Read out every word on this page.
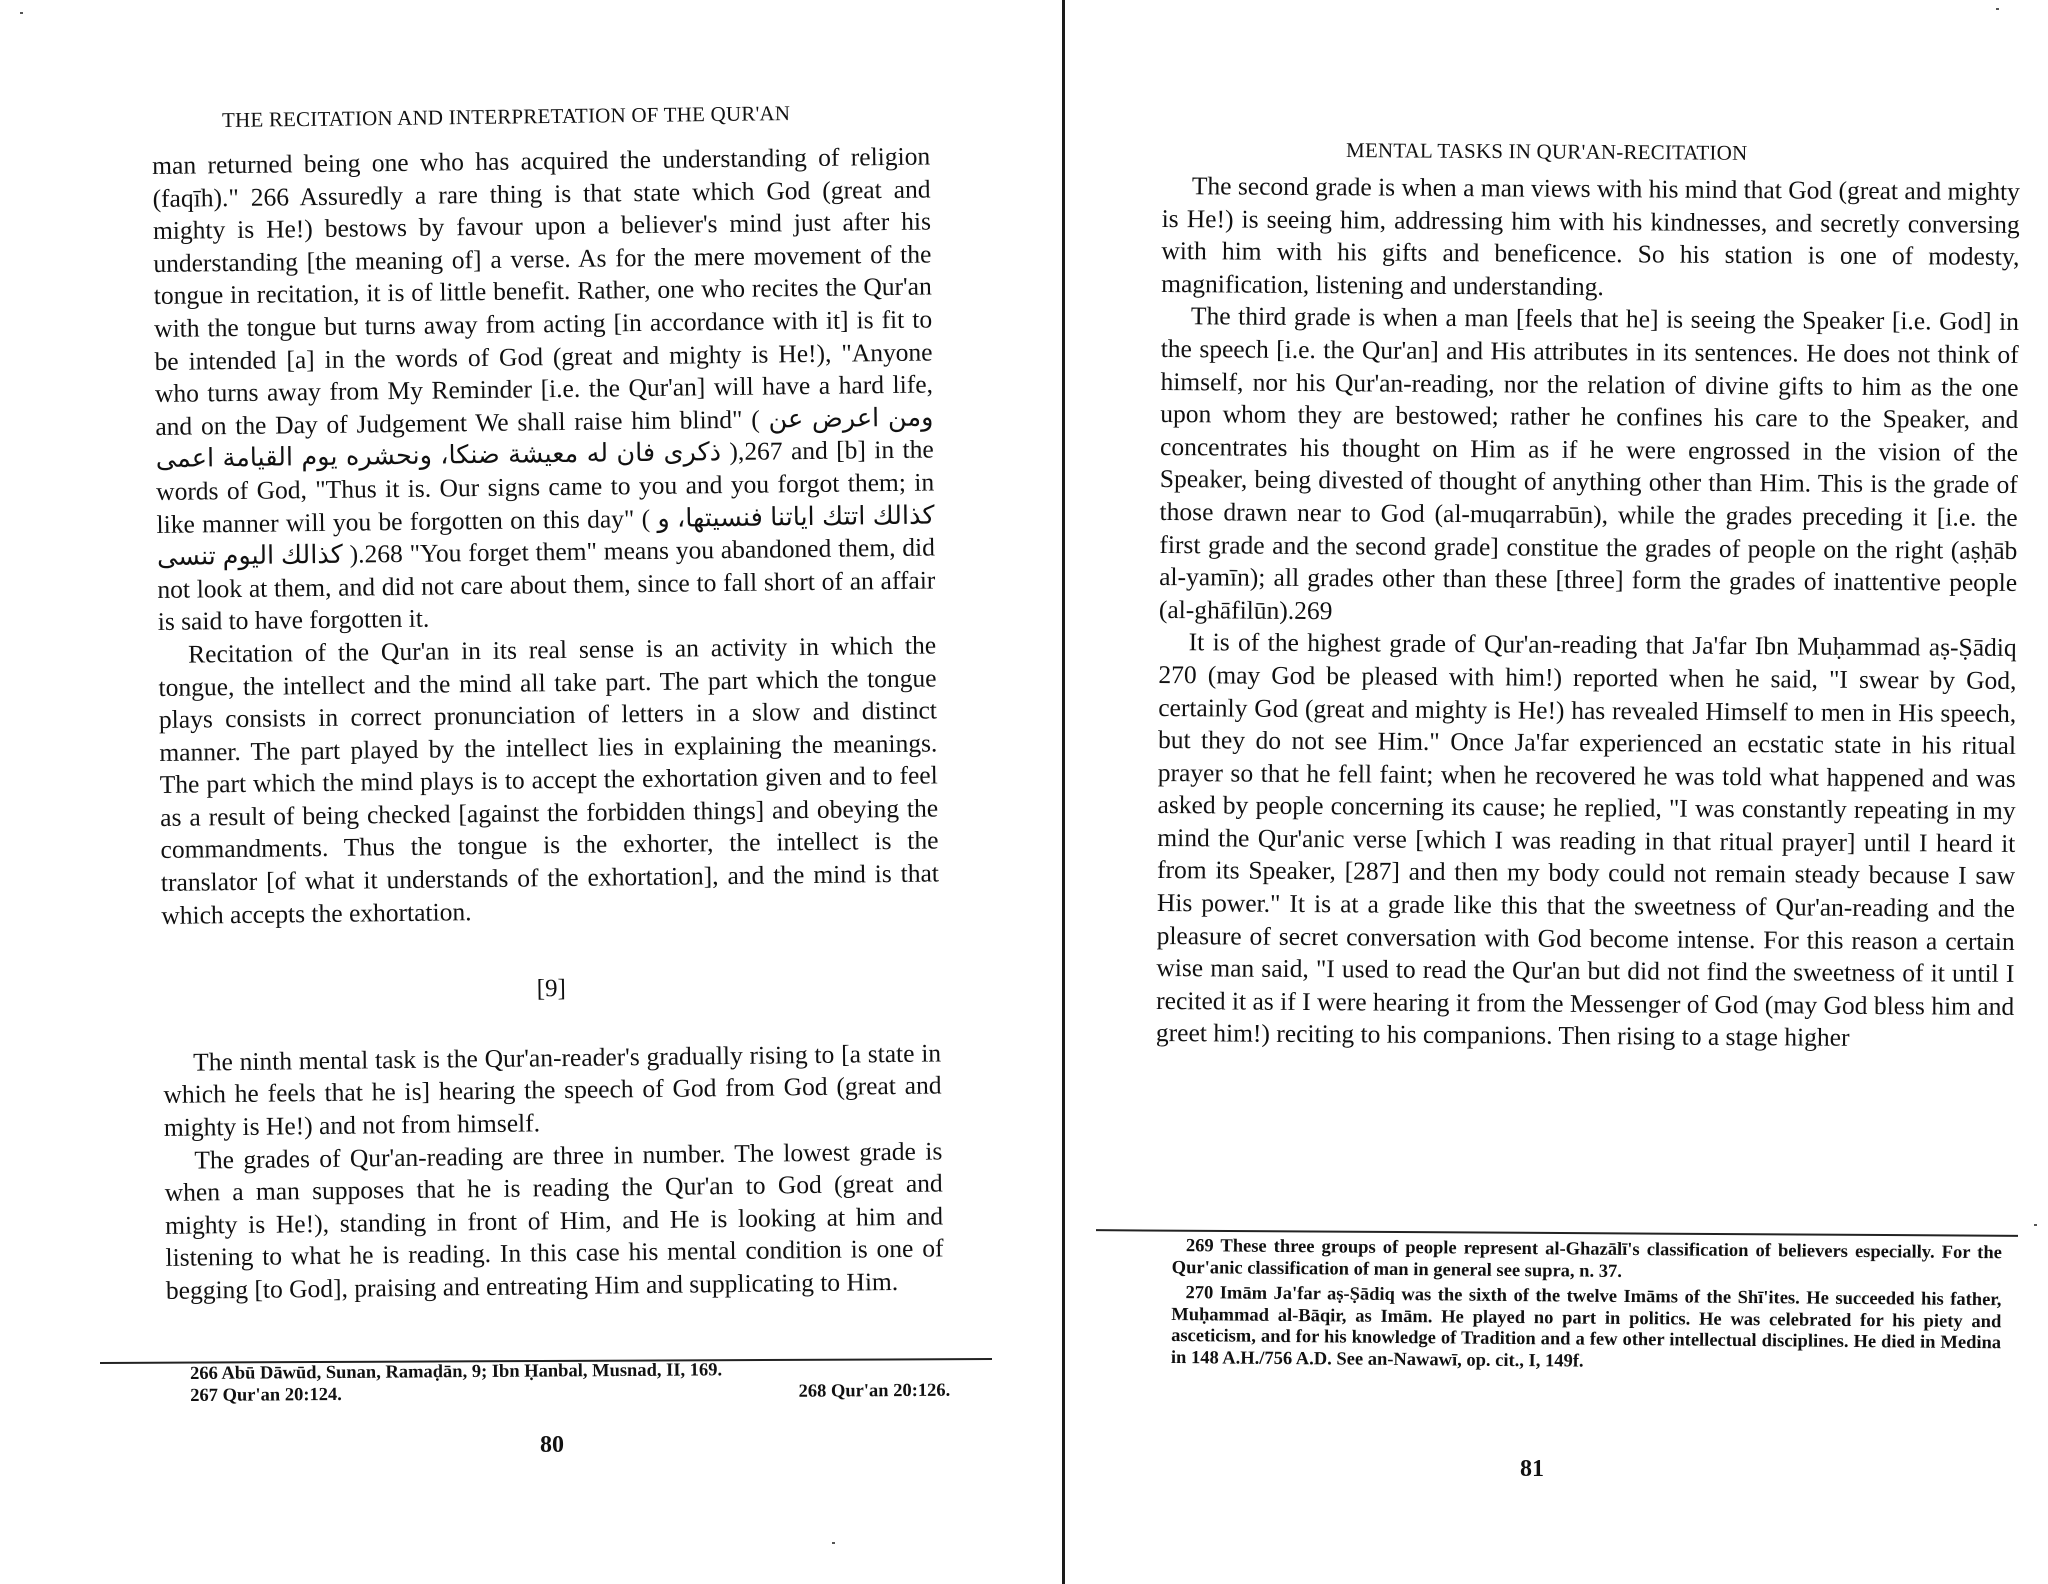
THE RECITATION AND INTERPRETATION OF THE QUR'AN

man returned being one who has acquired the understanding of religion (faqīh)." 266 Assuredly a rare thing is that state which God (great and mighty is He!) bestows by favour upon a believer's mind just after his understanding [the meaning of] a verse. As for the mere movement of the tongue in recitation, it is of little benefit. Rather, one who recites the Qur'an with the tongue but turns away from acting [in accordance with it] is fit to be intended [a] in the words of God (great and mighty is He!), "Anyone who turns away from My Reminder [i.e. the Qur'an] will have a hard life, and on the Day of Judgement We shall raise him blind" ( ومن اعرض عن ذكرى فان له معيشة ضنكا، ونحشره يوم القيامة اعمى ),267 and [b] in the words of God, "Thus it is. Our signs came to you and you forgot them; in like manner will you be forgotten on this day" ( كذالك اتتك اياتنا فنسيتها، و كذالك اليوم تنسى ).268 "You forget them" means you abandoned them, did not look at them, and did not care about them, since to fall short of an affair is said to have forgotten it.

Recitation of the Qur'an in its real sense is an activity in which the tongue, the intellect and the mind all take part. The part which the tongue plays consists in correct pronunciation of letters in a slow and distinct manner. The part played by the intellect lies in explaining the meanings. The part which the mind plays is to accept the exhortation given and to feel as a result of being checked [against the forbidden things] and obeying the commandments. Thus the tongue is the exhorter, the intellect is the translator [of what it understands of the exhortation], and the mind is that which accepts the exhortation.

[9]

The ninth mental task is the Qur'an-reader's gradually rising to [a state in which he feels that he is] hearing the speech of God from God (great and mighty is He!) and not from himself.

The grades of Qur'an-reading are three in number. The lowest grade is when a man supposes that he is reading the Qur'an to God (great and mighty is He!), standing in front of Him, and He is looking at him and listening to what he is reading. In this case his mental condition is one of begging [to God], praising and entreating Him and supplicating to Him.

266 Abū Dāwūd, Sunan, Ramaḍān, 9; Ibn Ḥanbal, Musnad, II, 169.
267 Qur'an 20:124.	268 Qur'an 20:126.
80
MENTAL TASKS IN QUR'AN-RECITATION

The second grade is when a man views with his mind that God (great and mighty is He!) is seeing him, addressing him with his kindnesses, and secretly conversing with him with his gifts and beneficence. So his station is one of modesty, magnification, listening and understanding.

The third grade is when a man [feels that he] is seeing the Speaker [i.e. God] in the speech [i.e. the Qur'an] and His attributes in its sentences. He does not think of himself, nor his Qur'an-reading, nor the relation of divine gifts to him as the one upon whom they are bestowed; rather he confines his care to the Speaker, and concentrates his thought on Him as if he were engrossed in the vision of the Speaker, being divested of thought of anything other than Him. This is the grade of those drawn near to God (al-muqarrabūn), while the grades preceding it [i.e. the first grade and the second grade] constitue the grades of people on the right (aṣḥāb al-yamīn); all grades other than these [three] form the grades of inattentive people (al-ghāfilūn).269

It is of the highest grade of Qur'an-reading that Ja'far Ibn Muḥammad aṣ-Ṣādiq 270 (may God be pleased with him!) reported when he said, "I swear by God, certainly God (great and mighty is He!) has revealed Himself to men in His speech, but they do not see Him." Once Ja'far experienced an ecstatic state in his ritual prayer so that he fell faint; when he recovered he was told what happened and was asked by people concerning its cause; he replied, "I was constantly repeating in my mind the Qur'anic verse [which I was reading in that ritual prayer] until I heard it from its Speaker, [287] and then my body could not remain steady because I saw His power." It is at a grade like this that the sweetness of Qur'an-reading and the pleasure of secret conversation with God become intense. For this reason a certain wise man said, "I used to read the Qur'an but did not find the sweetness of it until I recited it as if I were hearing it from the Messenger of God (may God bless him and greet him!) reciting to his companions. Then rising to a stage higher

269 These three groups of people represent al-Ghazālī's classification of believers especially. For the Qur'anic classification of man in general see supra, n. 37.

270 Imām Ja'far aṣ-Ṣādiq was the sixth of the twelve Imāms of the Shī'ites. He succeeded his father, Muḥammad al-Bāqir, as Imām. He played no part in politics. He was celebrated for his piety and asceticism, and for his knowledge of Tradition and a few other intellectual disciplines. He died in Medina in 148 A.H./756 A.D. See an-Nawawī, op. cit., I, 149f.

81
